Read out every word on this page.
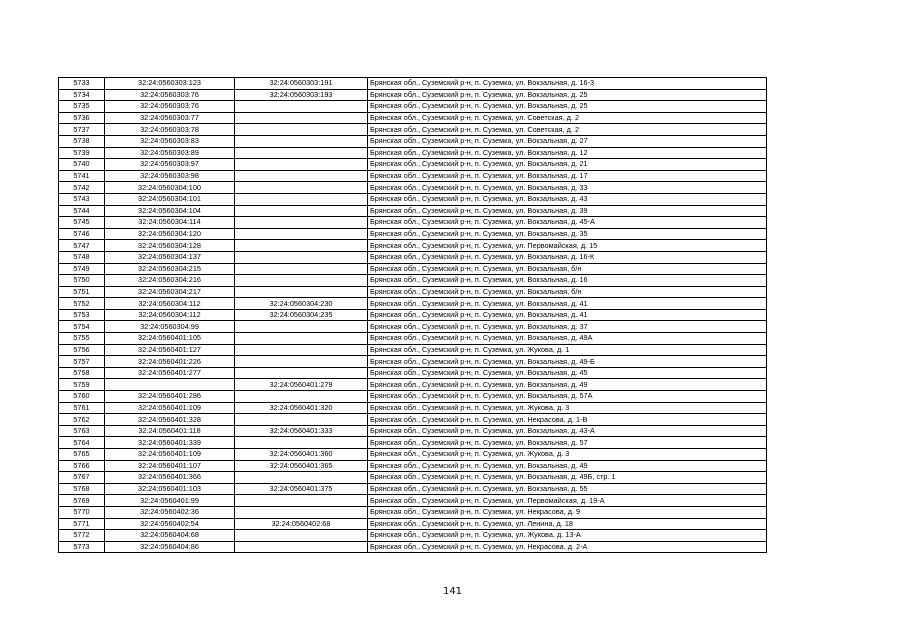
5733	32:24:0560303:123	32:24:0560303:191	Брянская обл., Суземский р-н, п. Суземка, ул. Вокзальная, д. 16-3
5734	32:24:0560303:76	32:24:0560303:193	Брянская обл., Суземский р-н, п. Суземка, ул. Вокзальная, д. 25
5735	32:24:0560303:76		Брянская обл., Суземский р-н, п. Суземка, ул. Вокзальная, д. 25
5736	32:24:0560303:77		Брянская обл., Суземский р-н, п. Суземка, ул. Советская, д. 2
5737	32:24:0560303:78		Брянская обл., Суземский р-н, п. Суземка, ул. Советская, д. 2
5738	32:24:0560303:83		Брянская обл., Суземский р-н, п. Суземка, ул. Вокзальная, д. 27
5739	32:24:0560303:89		Брянская обл., Суземский р-н, п. Суземка, ул. Вокзальная, д. 12
5740	32:24:0560303:97		Брянская обл., Суземский р-н, п. Суземка, ул. Вокзальная, д. 21
5741	32:24:0560303:98		Брянская обл., Суземский р-н, п. Суземка, ул. Вокзальная, д. 17
5742	32:24:0560304:100		Брянская обл., Суземский р-н, п. Суземка, ул. Вокзальная, д. 33
5743	32:24:0560304:101		Брянская обл., Суземский р-н, п. Суземка, ул. Вокзальная, д. 43
5744	32:24:0560304:104		Брянская обл., Суземский р-н, п. Суземка, ул. Вокзальная, д. 39
5745	32:24:0560304:114		Брянская обл., Суземский р-н, п. Суземка, ул. Вокзальная, д. 45-А
5746	32:24:0560304:120		Брянская обл., Суземский р-н, п. Суземка, ул. Вокзальная, д. 35
5747	32:24:0560304:128		Брянская обл., Суземский р-н, п. Суземка, ул. Первомайская, д. 15
5748	32:24:0560304:137		Брянская обл., Суземский р-н, п. Суземка, ул. Вокзальная, д. 16-К
5749	32:24:0560304:215		Брянская обл., Суземский р-н, п. Суземка, ул. Вокзальная, б/н
5750	32:24:0560304:216		Брянская обл., Суземский р-н, п. Суземка, ул. Вокзальная, д. 16
5751	32:24:0560304:217		Брянская обл., Суземский р-н, п. Суземка, ул. Вокзальная, б/н
5752	32:24:0560304:112	32:24:0560304:230	Брянская обл., Суземский р-н, п. Суземка, ул. Вокзальная, д. 41
5753	32:24:0560304:112	32:24:0560304:235	Брянская обл., Суземский р-н, п. Суземка, ул. Вокзальная, д. 41
5754	32:24:0560304:99		Брянская обл., Суземский р-н, п. Суземка, ул. Вокзальная, д. 37
5755	32:24:0560401:105		Брянская обл., Суземский р-н, п. Суземка, ул. Вокзальная, д. 49А
5756	32:24:0560401:127		Брянская обл., Суземский р-н, п. Суземка, ул. Жукова, д. 1
5757	32:24:0560401:226		Брянская обл., Суземский р-н, п. Суземка, ул. Вокзальная, д. 49-Б
5758	32:24:0560401:277		Брянская обл., Суземский р-н, п. Суземка, ул. Вокзальная, д. 45
5759		32:24:0560401:279	Брянская обл., Суземский р-н, п. Суземка, ул. Вокзальная, д. 49
5760	32:24:0560401:286		Брянская обл., Суземский р-н, п. Суземка, ул. Вокзальная, д. 57А
5761	32:24:0560401:109	32:24:0560401:320	Брянская обл., Суземский р-н, п. Суземка, ул. Жукова, д. 3
5762	32:24:0560401:328		Брянская обл., Суземский р-н, п. Суземка, ул. Некрасова, д. 1-В
5763	32:24:0560401:118	32:24:0560401:333	Брянская обл., Суземский р-н, п. Суземка, ул. Вокзальная, д. 43-А
5764	32:24:0560401:339		Брянская обл., Суземский р-н, п. Суземка, ул. Вокзальная, д. 57
5765	32:24:0560401:109	32:24:0560401:360	Брянская обл., Суземский р-н, п. Суземка, ул. Жукова, д. 3
5766	32:24:0560401:107	32:24:0560401:365	Брянская обл., Суземский р-н, п. Суземка, ул. Вокзальная, д. 49
5767	32:24:0560401:366		Брянская обл., Суземский р-н, п. Суземка, ул. Вокзальная, д. 49Б, стр. 1
5768	32:24:0560401:103	32:24:0560401:375	Брянская обл., Суземский р-н, п. Суземка, ул. Вокзальная, д. 55
5769	32:24:0560401:99		Брянская обл., Суземский р-н, п. Суземка, ул. Первомайская, д. 19-А
5770	32:24:0560402:36		Брянская обл., Суземский р-н, п. Суземка, ул. Некрасова, д. 9
5771	32:24:0560402:54	32:24:0560402:68	Брянская обл., Суземский р-н, п. Суземка, ул. Ленина, д. 18
5772	32:24:0560404:68		Брянская обл., Суземский р-н, п. Суземка, ул. Жукова, д. 13-А
5773	32:24:0560404:86		Брянская обл., Суземский р-н, п. Суземка, ул. Некрасова, д. 2-А
141
